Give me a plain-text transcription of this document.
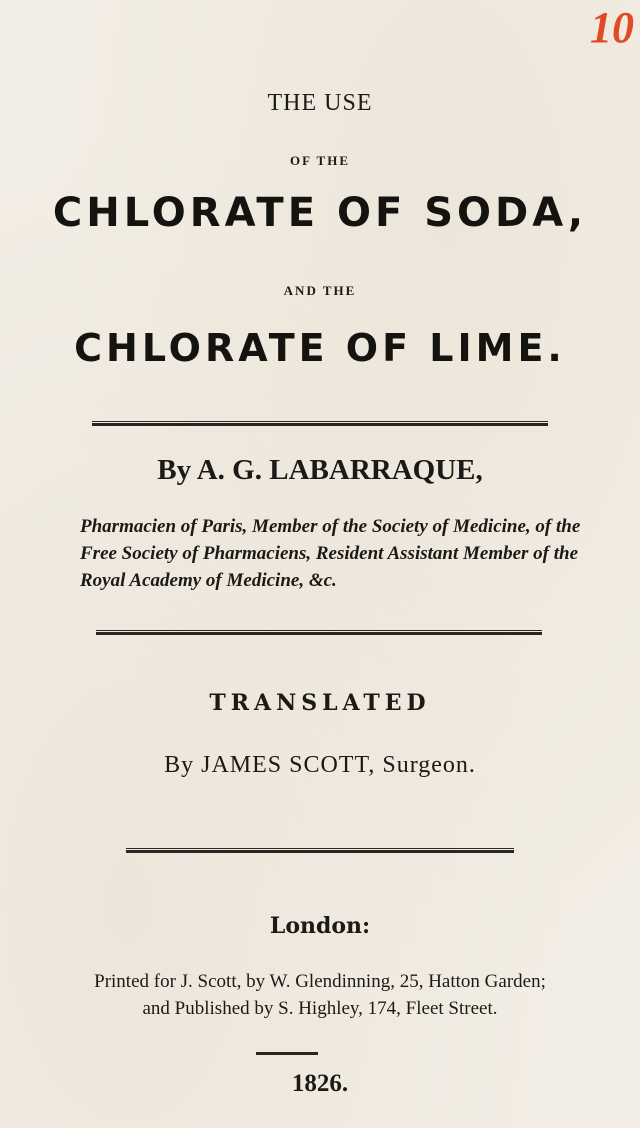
10
THE USE
OF THE
CHLORATE OF SODA,
AND THE
CHLORATE OF LIME.
By A. G. LABARRAQUE,
Pharmacien of Paris, Member of the Society of Medicine, of the
Free Society of Pharmaciens, Resident Assistant Member of the
Royal Academy of Medicine, &c.
TRANSLATED
By JAMES SCOTT, Surgeon.
London:
Printed for J. Scott, by W. Glendinning, 25, Hatton Garden;
and Published by S. Highley, 174, Fleet Street.
1826.
